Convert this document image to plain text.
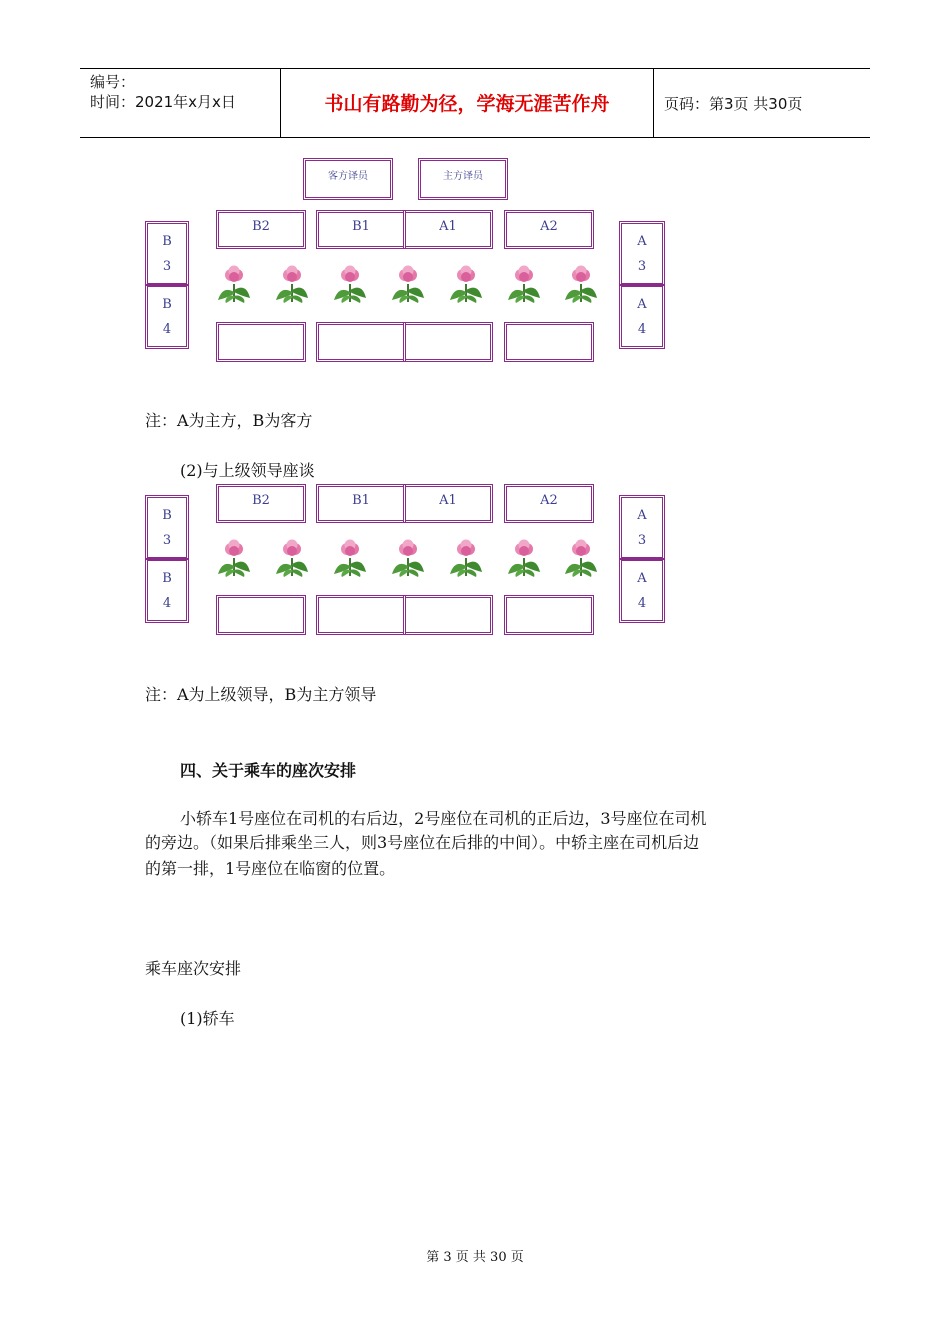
编号：
时间：2021年x月x日	书山有路勤为径，学海无涯苦作舟	页码：第3页 共30页
客方译员	主方译员
B2	B1	A1	A2
B
3
B
4
A
3
A
4
注：A为主方，B为客方
(2)与上级领导座谈
B2	B1	A1	A2
B
3
B
4
A
3
A
4
注：A为上级领导，B为主方领导
四、关于乘车的座次安排
小轿车1号座位在司机的右后边，2号座位在司机的正后边，3号座位在司机
的旁边。（如果后排乘坐三人，则3号座位在后排的中间）。中轿主座在司机后边
的第一排，1号座位在临窗的位置。
乘车座次安排
(1)轿车
第 3 页 共 30 页
